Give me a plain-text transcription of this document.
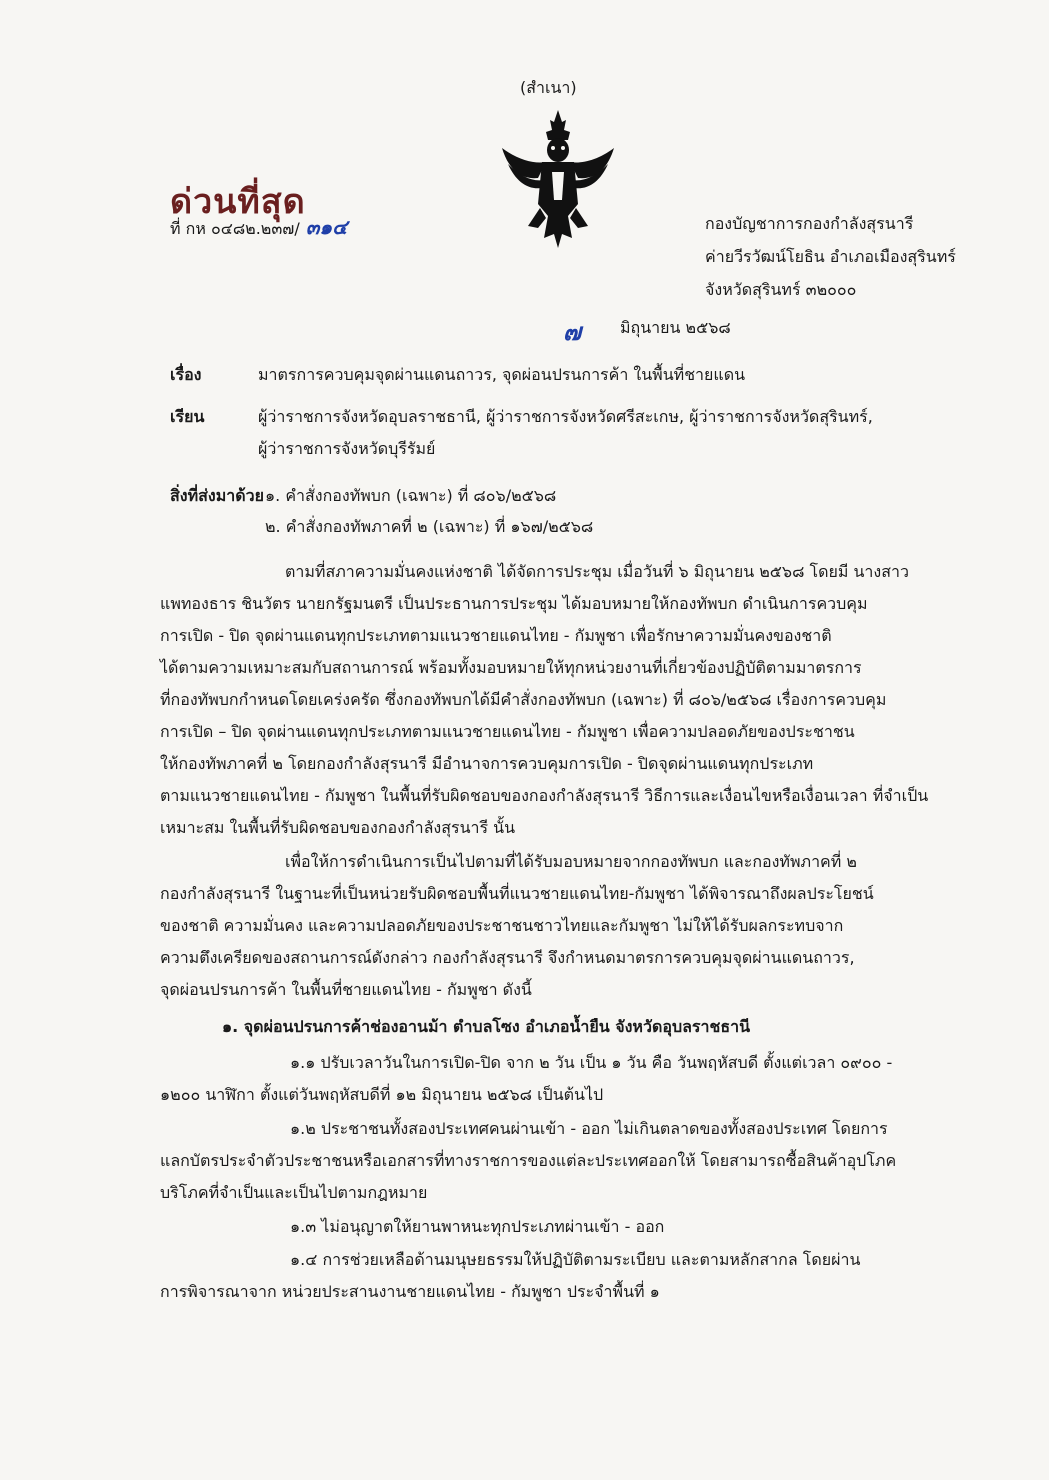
(สำเนา)
ด่วนที่สุด
ที่ กห ๐๔๘๒.๒๓๗/ ๓๑๔	กองบัญชาการกองกำลังสุรนารี
ค่ายวีรวัฒน์โยธิน อำเภอเมืองสุรินทร์
จังหวัดสุรินทร์ ๓๒๐๐๐
๗ มิถุนายน ๒๕๖๘
เรื่อง	มาตรการควบคุมจุดผ่านแดนถาวร, จุดผ่อนปรนการค้า ในพื้นที่ชายแดน
เรียน	ผู้ว่าราชการจังหวัดอุบลราชธานี, ผู้ว่าราชการจังหวัดศรีสะเกษ, ผู้ว่าราชการจังหวัดสุรินทร์,
ผู้ว่าราชการจังหวัดบุรีรัมย์
สิ่งที่ส่งมาด้วย ๑. คำสั่งกองทัพบก (เฉพาะ) ที่ ๘๐๖/๒๕๖๘
๒. คำสั่งกองทัพภาคที่ ๒ (เฉพาะ) ที่ ๑๖๗/๒๕๖๘
ตามที่สภาความมั่นคงแห่งชาติ ได้จัดการประชุม เมื่อวันที่ ๖ มิถุนายน ๒๕๖๘ โดยมี นางสาว
แพทองธาร ชินวัตร นายกรัฐมนตรี เป็นประธานการประชุม ได้มอบหมายให้กองทัพบก ดำเนินการควบคุม
การเปิด - ปิด จุดผ่านแดนทุกประเภทตามแนวชายแดนไทย - กัมพูชา เพื่อรักษาความมั่นคงของชาติ
ได้ตามความเหมาะสมกับสถานการณ์ พร้อมทั้งมอบหมายให้ทุกหน่วยงานที่เกี่ยวข้องปฏิบัติตามมาตรการ
ที่กองทัพบกกำหนดโดยเคร่งครัด ซึ่งกองทัพบกได้มีคำสั่งกองทัพบก (เฉพาะ) ที่ ๘๐๖/๒๕๖๘ เรื่องการควบคุม
การเปิด – ปิด จุดผ่านแดนทุกประเภทตามแนวชายแดนไทย - กัมพูชา เพื่อความปลอดภัยของประชาชน
ให้กองทัพภาคที่ ๒ โดยกองกำลังสุรนารี มีอำนาจการควบคุมการเปิด - ปิดจุดผ่านแดนทุกประเภท
ตามแนวชายแดนไทย - กัมพูชา ในพื้นที่รับผิดชอบของกองกำลังสุรนารี วิธีการและเงื่อนไขหรือเงื่อนเวลา ที่จำเป็น
เหมาะสม ในพื้นที่รับผิดชอบของกองกำลังสุรนารี นั้น
เพื่อให้การดำเนินการเป็นไปตามที่ได้รับมอบหมายจากกองทัพบก และกองทัพภาคที่ ๒
กองกำลังสุรนารี ในฐานะที่เป็นหน่วยรับผิดชอบพื้นที่แนวชายแดนไทย-กัมพูชา ได้พิจารณาถึงผลประโยชน์
ของชาติ ความมั่นคง และความปลอดภัยของประชาชนชาวไทยและกัมพูชา ไม่ให้ได้รับผลกระทบจาก
ความตึงเครียดของสถานการณ์ดังกล่าว กองกำลังสุรนารี จึงกำหนดมาตรการควบคุมจุดผ่านแดนถาวร,
จุดผ่อนปรนการค้า ในพื้นที่ชายแดนไทย - กัมพูชา ดังนี้
๑. จุดผ่อนปรนการค้าช่องอานม้า ตำบลโซง อำเภอน้ำยืน จังหวัดอุบลราชธานี
๑.๑ ปรับเวลาวันในการเปิด-ปิด จาก ๒ วัน เป็น ๑ วัน คือ วันพฤหัสบดี ตั้งแต่เวลา ๐๙๐๐ -
๑๒๐๐ นาฬิกา ตั้งแต่วันพฤหัสบดีที่ ๑๒ มิถุนายน ๒๕๖๘ เป็นต้นไป
๑.๒ ประชาชนทั้งสองประเทศคนผ่านเข้า - ออก ไม่เกินตลาดของทั้งสองประเทศ โดยการ
แลกบัตรประจำตัวประชาชนหรือเอกสารที่ทางราชการของแต่ละประเทศออกให้ โดยสามารถซื้อสินค้าอุปโภค
บริโภคที่จำเป็นและเป็นไปตามกฎหมาย
๑.๓ ไม่อนุญาตให้ยานพาหนะทุกประเภทผ่านเข้า - ออก
๑.๔ การช่วยเหลือด้านมนุษยธรรมให้ปฏิบัติตามระเบียบ และตามหลักสากล โดยผ่าน
การพิจารณาจาก หน่วยประสานงานชายแดนไทย - กัมพูชา ประจำพื้นที่ ๑
